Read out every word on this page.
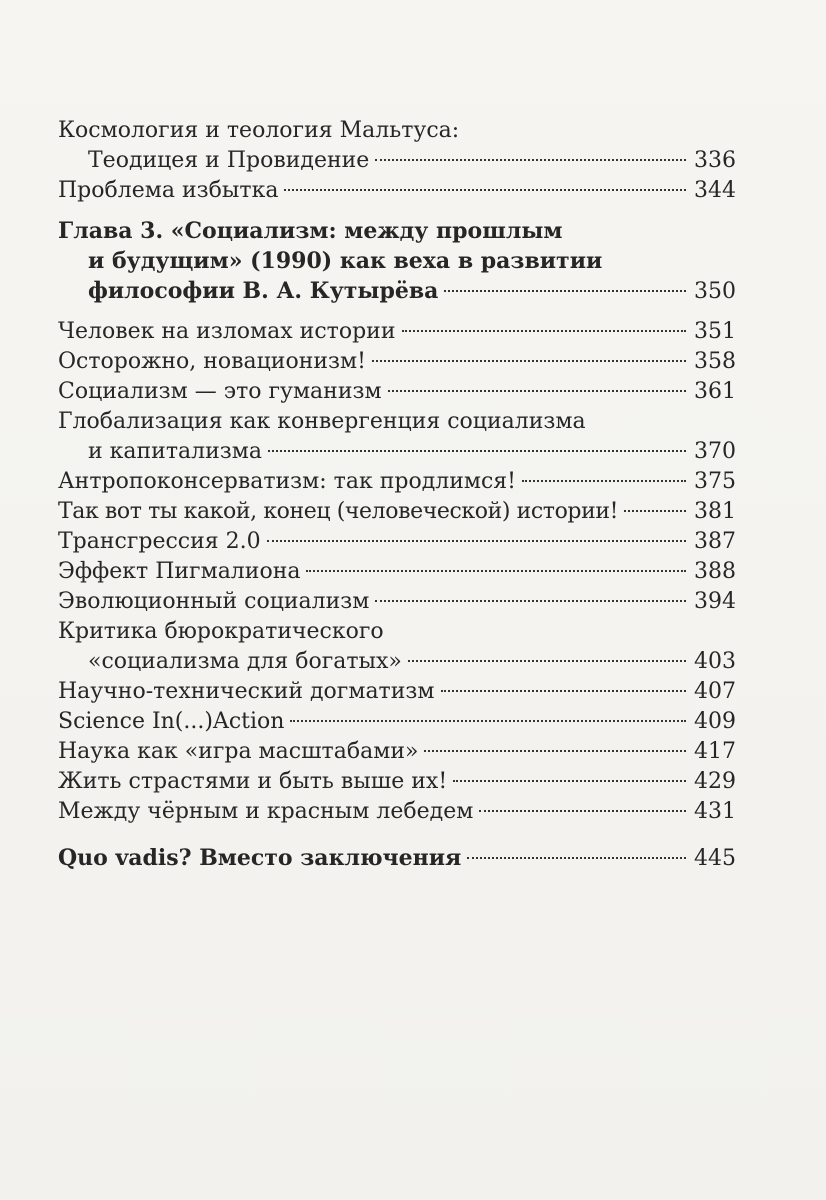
Космология и теология Мальтуса:
Теодицея и Провидение	336
Проблема избытка	344
Глава 3. «Социализм: между прошлым
и будущим» (1990) как веха в развитии
философии В. А. Кутырёва	350
Человек на изломах истории	351
Осторожно, новационизм!	358
Социализм — это гуманизм	361
Глобализация как конвергенция социализма
и капитализма	370
Антропоконсерватизм: так продлимся!	375
Так вот ты какой, конец (человеческой) истории!	381
Трансгрессия 2.0	387
Эффект Пигмалиона	388
Эволюционный социализм	394
Критика бюрократического
«социализма для богатых»	403
Научно-технический догматизм	407
Science In(...)Action	409
Наука как «игра масштабами»	417
Жить страстями и быть выше их!	429
Между чёрным и красным лебедем	431
Quo vadis? Вместо заключения	445
